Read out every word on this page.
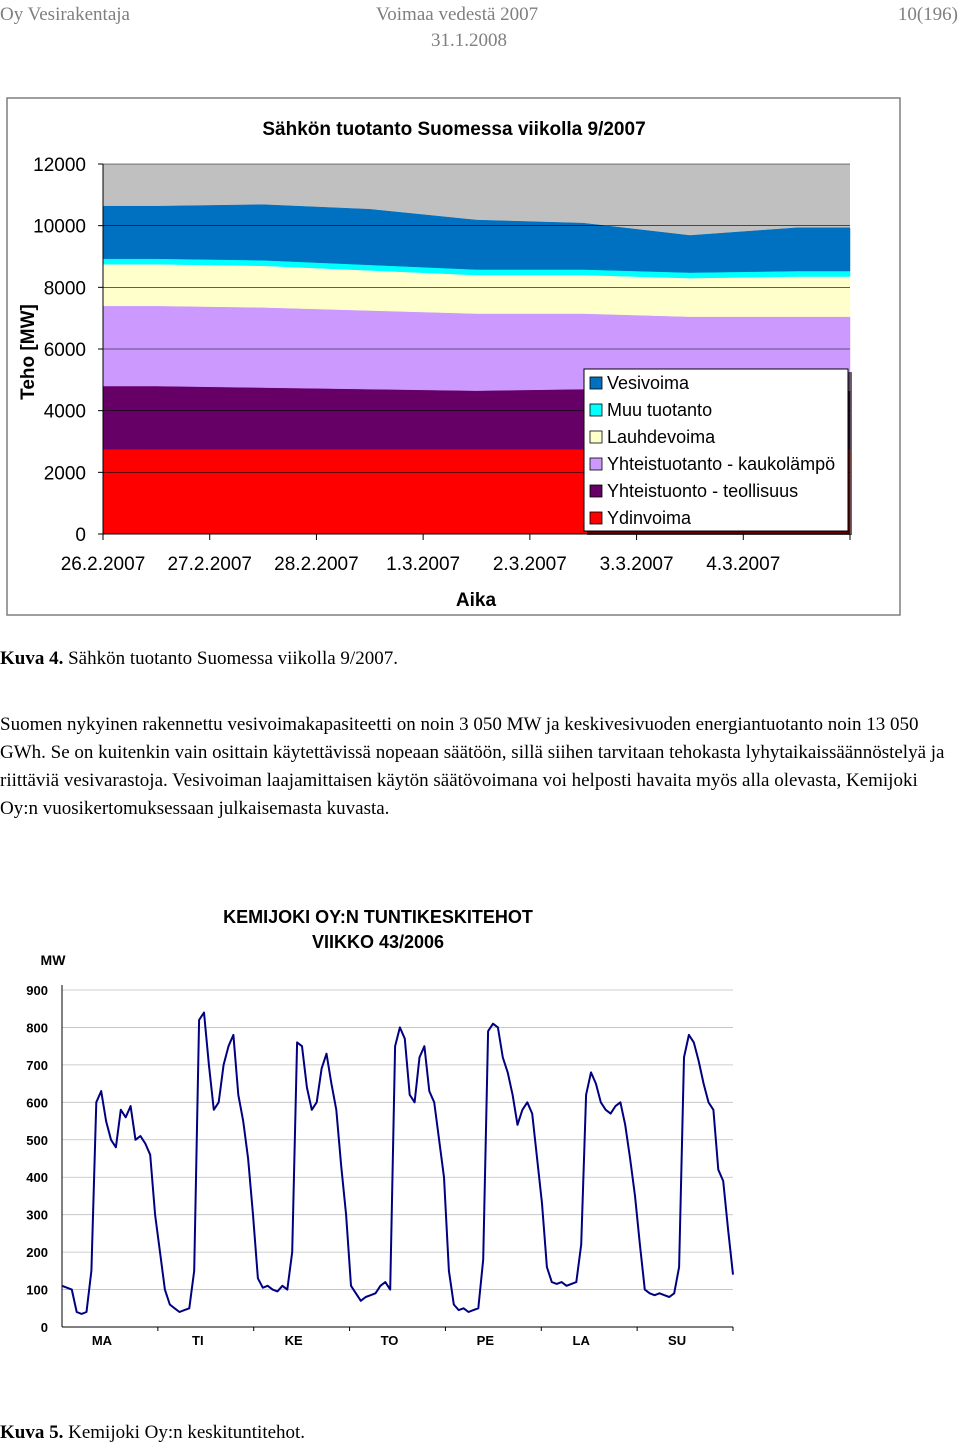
Oy Vesirakentaja	Voimaa vedestä 2007
31.1.2008
10(196)
Sähkön tuotanto Suomessa viikolla 9/2007
0
2000
4000
6000
8000
10000
12000
26.2.2007 27.2.2007 28.2.2007 1.3.2007 2.3.2007 3.3.2007 4.3.2007
Teho [MW]
Aika
Vesivoima
Muu tuotanto
Lauhdevoima
Yhteistuotanto - kaukolämpö
Yhteistuonto - teollisuus
Ydinvoima
Kuva 4. Sähkön tuotanto Suomessa viikolla 9/2007.

Suomen nykyinen rakennettu vesivoimakapasiteetti on noin 3 050 MW ja keskivesivuoden energiantuotanto noin 13 050 GWh. Se on kuitenkin vain osittain käytettävissä nopeaan säätöön, sillä siihen tarvitaan tehokasta lyhytaikaissäännöstelyä ja riittäviä vesivarastoja. Vesivoiman laajamittaisen käytön säätövoimana voi helposti havaita myös alla olevasta, Kemijoki Oy:n vuosikertomuksessaan julkaisemasta kuvasta.

KEMIJOKI OY:N TUNTIKESKITEHOT
VIIKKO 43/2006
MW
0
100
200
300
400
500
600
700
800
900
MA	TI	KE	TO	PE	LA	SU
Kuva 5. Kemijoki Oy:n keskituntitehot.
